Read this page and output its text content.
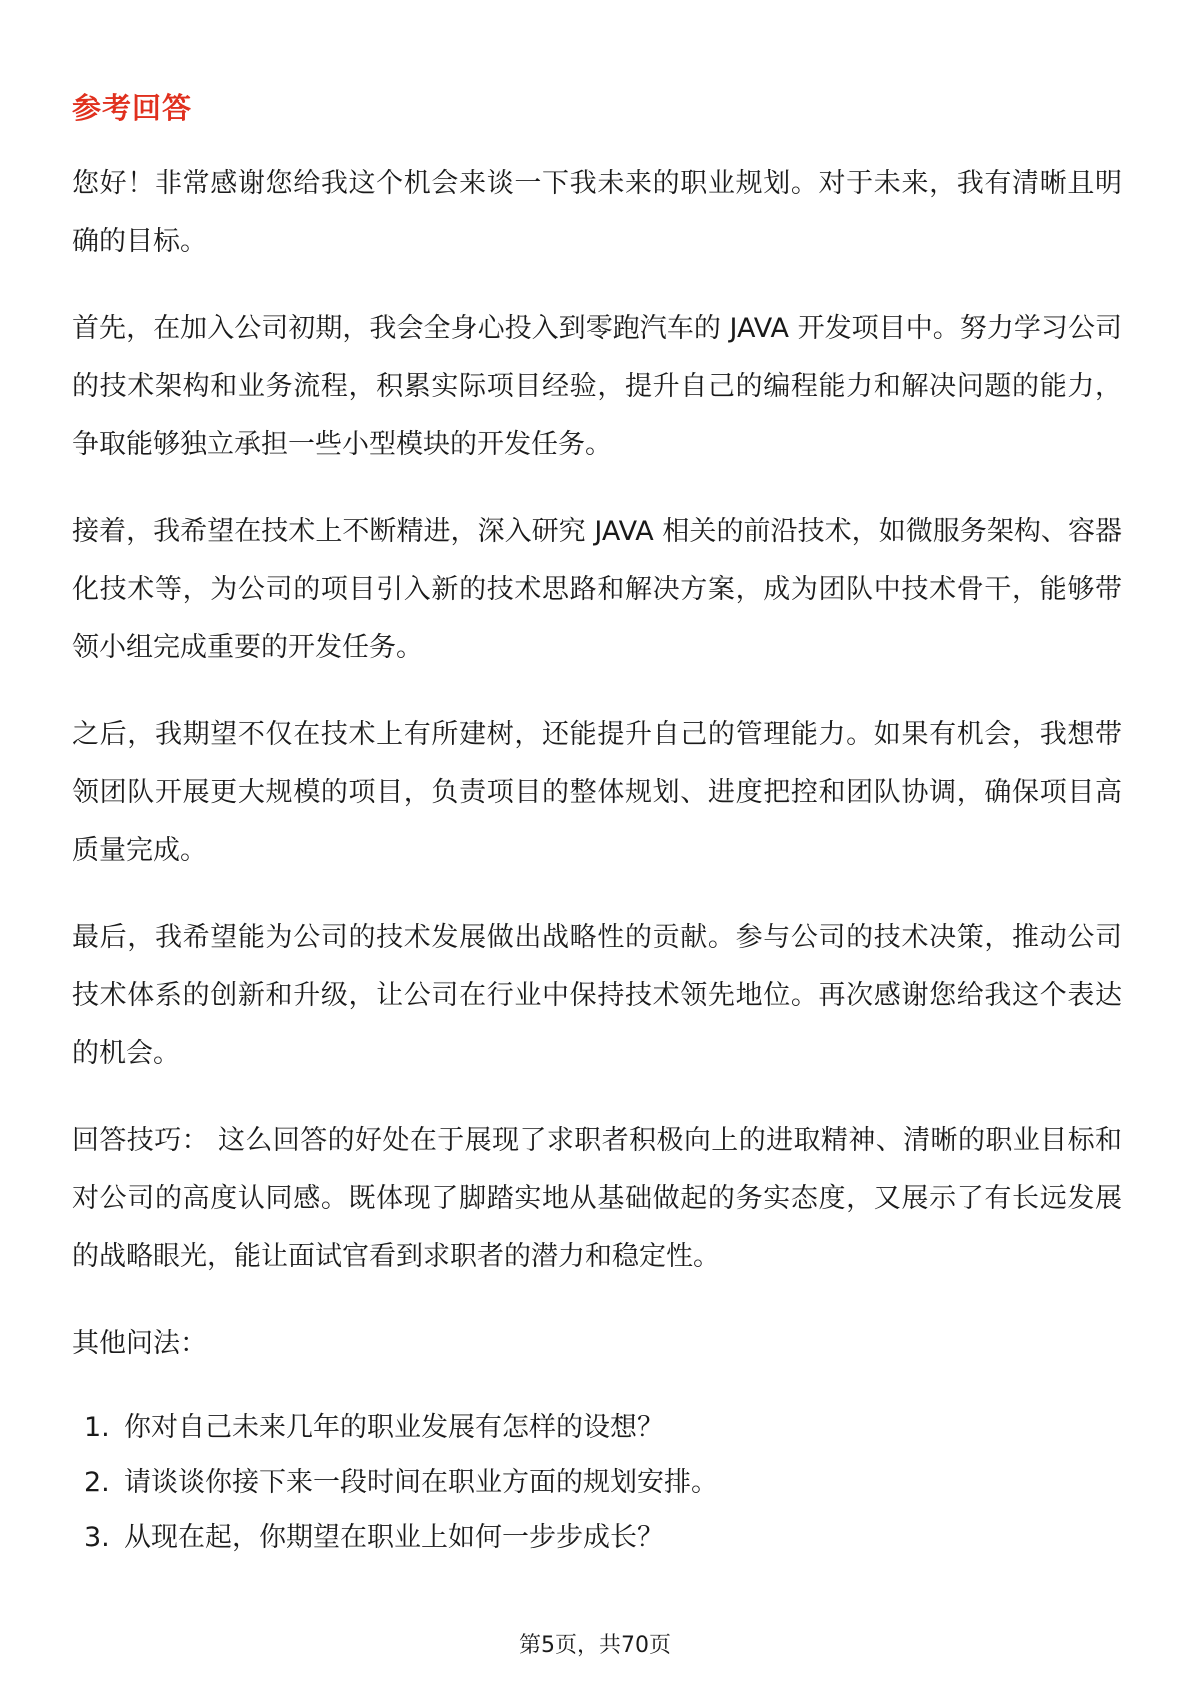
参考回答

您好！非常感谢您给我这个机会来谈一下我未来的职业规划。对于未来，我有清晰且明确的目标。

首先，在加入公司初期，我会全身心投入到零跑汽车的 JAVA 开发项目中。努力学习公司的技术架构和业务流程，积累实际项目经验，提升自己的编程能力和解决问题的能力，争取能够独立承担一些小型模块的开发任务。

接着，我希望在技术上不断精进，深入研究 JAVA 相关的前沿技术，如微服务架构、容器化技术等，为公司的项目引入新的技术思路和解决方案，成为团队中技术骨干，能够带领小组完成重要的开发任务。

之后，我期望不仅在技术上有所建树，还能提升自己的管理能力。如果有机会，我想带领团队开展更大规模的项目，负责项目的整体规划、进度把控和团队协调，确保项目高质量完成。

最后，我希望能为公司的技术发展做出战略性的贡献。参与公司的技术决策，推动公司技术体系的创新和升级，让公司在行业中保持技术领先地位。再次感谢您给我这个表达的机会。

回答技巧： 这么回答的好处在于展现了求职者积极向上的进取精神、清晰的职业目标和对公司的高度认同感。既体现了脚踏实地从基础做起的务实态度，又展示了有长远发展的战略眼光，能让面试官看到求职者的潜力和稳定性。

其他问法：

1. 你对自己未来几年的职业发展有怎样的设想？
2. 请谈谈你接下来一段时间在职业方面的规划安排。
3. 从现在起，你期望在职业上如何一步步成长？
第5页，共70页
